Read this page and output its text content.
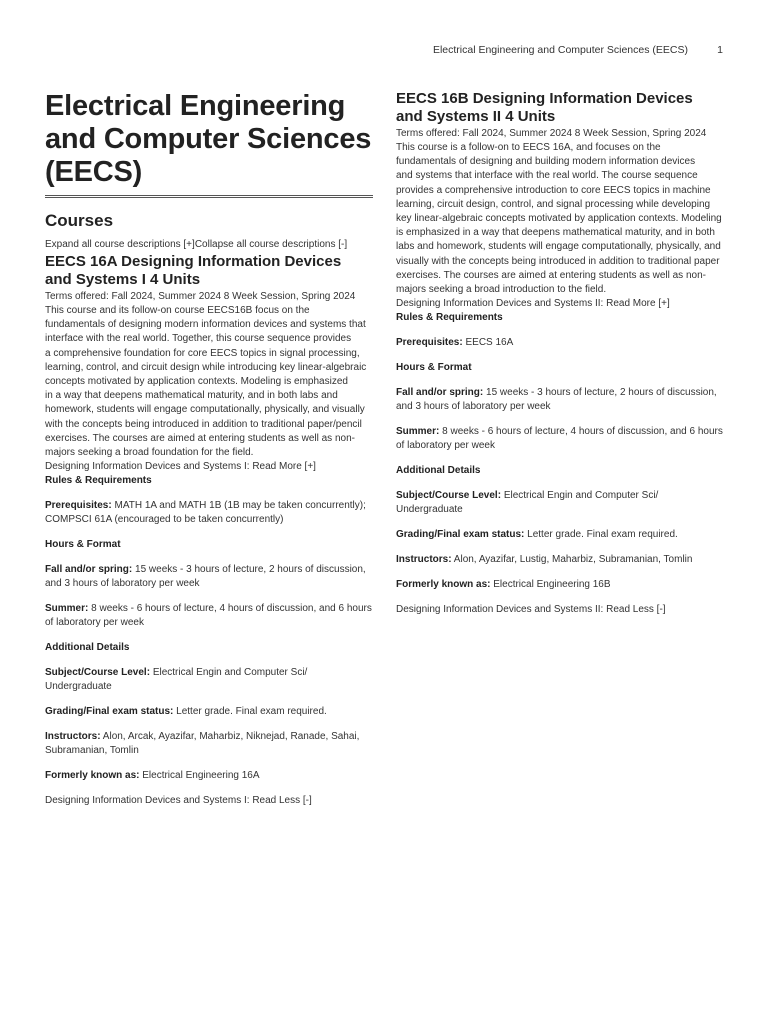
Electrical Engineering and Computer Sciences (EECS)	1
Electrical Engineering
and Computer Sciences
(EECS)
Courses
Expand all course descriptions [+]Collapse all course descriptions [-]
EECS 16A Designing Information Devices
and Systems I 4 Units
Terms offered: Fall 2024, Summer 2024 8 Week Session, Spring 2024

This course and its follow-on course EECS16B focus on the
fundamentals of designing modern information devices and systems that
interface with the real world. Together, this course sequence provides
a comprehensive foundation for core EECS topics in signal processing,
learning, control, and circuit design while introducing key linear-algebraic
concepts motivated by application contexts. Modeling is emphasized
in a way that deepens mathematical maturity, and in both labs and
homework, students will engage computationally, physically, and visually
with the concepts being introduced in addition to traditional paper/pencil
exercises. The courses are aimed at entering students as well as non-
majors seeking a broad foundation for the field.

Designing Information Devices and Systems I: Read More [+]
Rules & Requirements
Prerequisites: MATH 1A and MATH 1B (1B may be taken concurrently); COMPSCI 61A (encouraged to be taken concurrently)
Hours & Format
Fall and/or spring: 15 weeks - 3 hours of lecture, 2 hours of discussion, and 3 hours of laboratory per week
Summer: 8 weeks - 6 hours of lecture, 4 hours of discussion, and 6 hours of laboratory per week
Additional Details
Subject/Course Level: Electrical Engin and Computer Sci/ Undergraduate
Grading/Final exam status: Letter grade. Final exam required.
Instructors: Alon, Arcak, Ayazifar, Maharbiz, Niknejad, Ranade, Sahai, Subramanian, Tomlin
Formerly known as: Electrical Engineering 16A
Designing Information Devices and Systems I: Read Less [-]
EECS 16B Designing Information Devices
and Systems II 4 Units
Terms offered: Fall 2024, Summer 2024 8 Week Session, Spring 2024

This course is a follow-on to EECS 16A, and focuses on the
fundamentals of designing and building modern information devices
and systems that interface with the real world. The course sequence
provides a comprehensive introduction to core EECS topics in machine
learning, circuit design, control, and signal processing while developing
key linear-algebraic concepts motivated by application contexts. Modeling
is emphasized in a way that deepens mathematical maturity, and in both
labs and homework, students will engage computationally, physically, and
visually with the concepts being introduced in addition to traditional paper
exercises. The courses are aimed at entering students as well as non-
majors seeking a broad introduction to the field.

Designing Information Devices and Systems II: Read More [+]
Rules & Requirements
Prerequisites: EECS 16A
Hours & Format
Fall and/or spring: 15 weeks - 3 hours of lecture, 2 hours of discussion, and 3 hours of laboratory per week
Summer: 8 weeks - 6 hours of lecture, 4 hours of discussion, and 6 hours of laboratory per week
Additional Details
Subject/Course Level: Electrical Engin and Computer Sci/ Undergraduate
Grading/Final exam status: Letter grade. Final exam required.
Instructors: Alon, Ayazifar, Lustig, Maharbiz, Subramanian, Tomlin
Formerly known as: Electrical Engineering 16B
Designing Information Devices and Systems II: Read Less [-]
